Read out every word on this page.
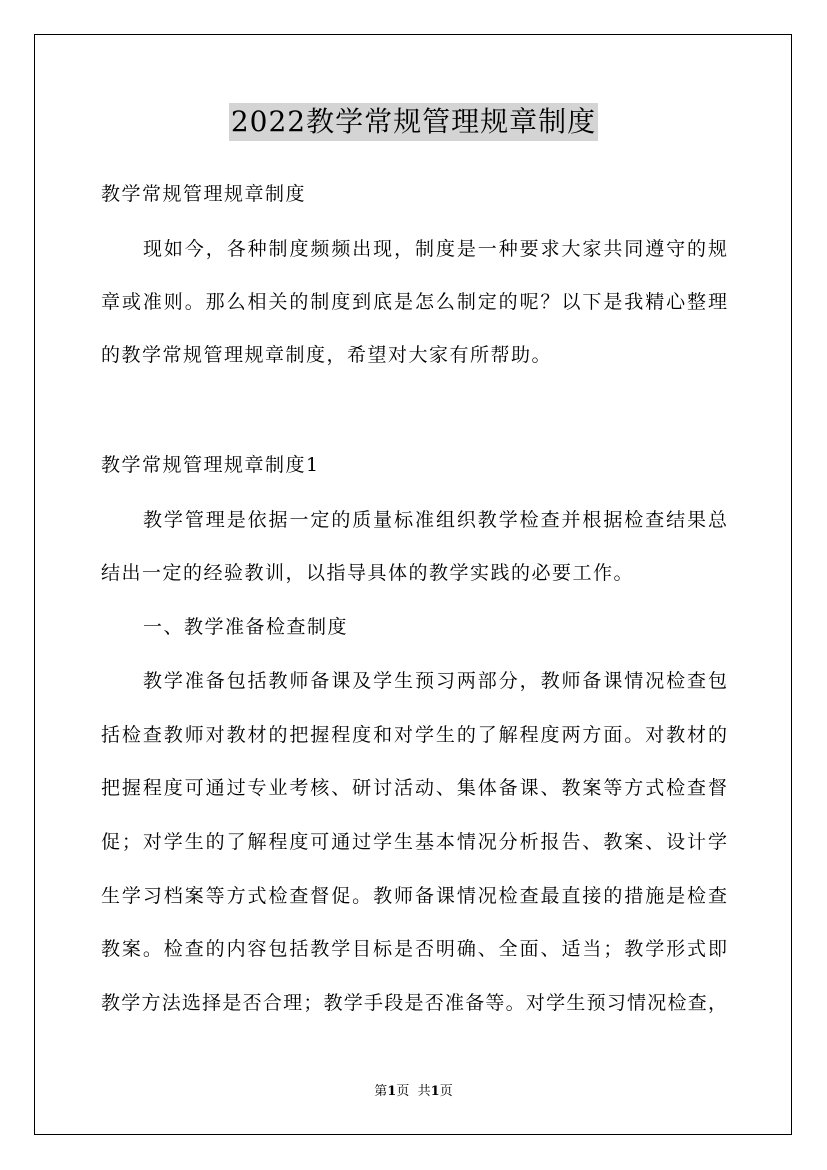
2022教学常规管理规章制度
教学常规管理规章制度
现如今，各种制度频频出现，制度是一种要求大家共同遵守的规
章或准则。那么相关的制度到底是怎么制定的呢？以下是我精心整理
的教学常规管理规章制度，希望对大家有所帮助。
教学常规管理规章制度1
教学管理是依据一定的质量标准组织教学检查并根据检查结果总
结出一定的经验教训，以指导具体的教学实践的必要工作。
一、教学准备检查制度
教学准备包括教师备课及学生预习两部分，教师备课情况检查包
括检查教师对教材的把握程度和对学生的了解程度两方面。对教材的
把握程度可通过专业考核、研讨活动、集体备课、教案等方式检查督
促；对学生的了解程度可通过学生基本情况分析报告、教案、设计学
生学习档案等方式检查督促。教师备课情况检查最直接的措施是检查
教案。检查的内容包括教学目标是否明确、全面、适当；教学形式即
教学方法选择是否合理；教学手段是否准备等。对学生预习情况检查，
第1页 共1页
